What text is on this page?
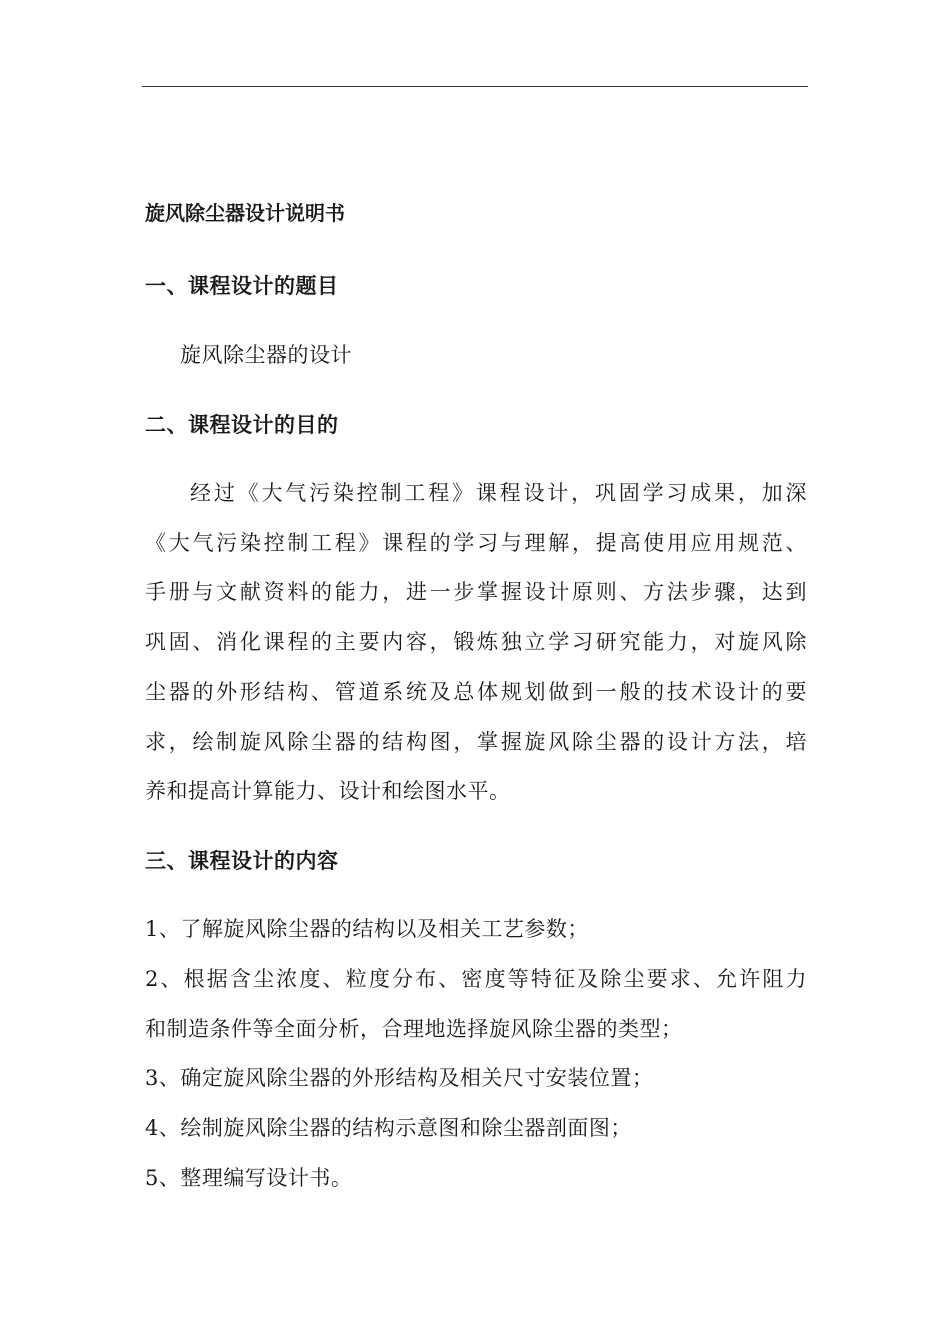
旋风除尘器设计说明书
一、课程设计的题目
旋风除尘器的设计
二、课程设计的目的
经过《大气污染控制工程》课程设计，巩固学习成果，加深
《大气污染控制工程》课程的学习与理解，提高使用应用规范、
手册与文献资料的能力，进一步掌握设计原则、方法步骤，达到
巩固、消化课程的主要内容，锻炼独立学习研究能力，对旋风除
尘器的外形结构、管道系统及总体规划做到一般的技术设计的要
求，绘制旋风除尘器的结构图，掌握旋风除尘器的设计方法，培
养和提高计算能力、设计和绘图水平。
三、课程设计的内容
1、了解旋风除尘器的结构以及相关工艺参数；
2、根据含尘浓度、粒度分布、密度等特征及除尘要求、允许阻力
和制造条件等全面分析，合理地选择旋风除尘器的类型；
3、确定旋风除尘器的外形结构及相关尺寸安装位置；
4、绘制旋风除尘器的结构示意图和除尘器剖面图；
5、整理编写设计书。
